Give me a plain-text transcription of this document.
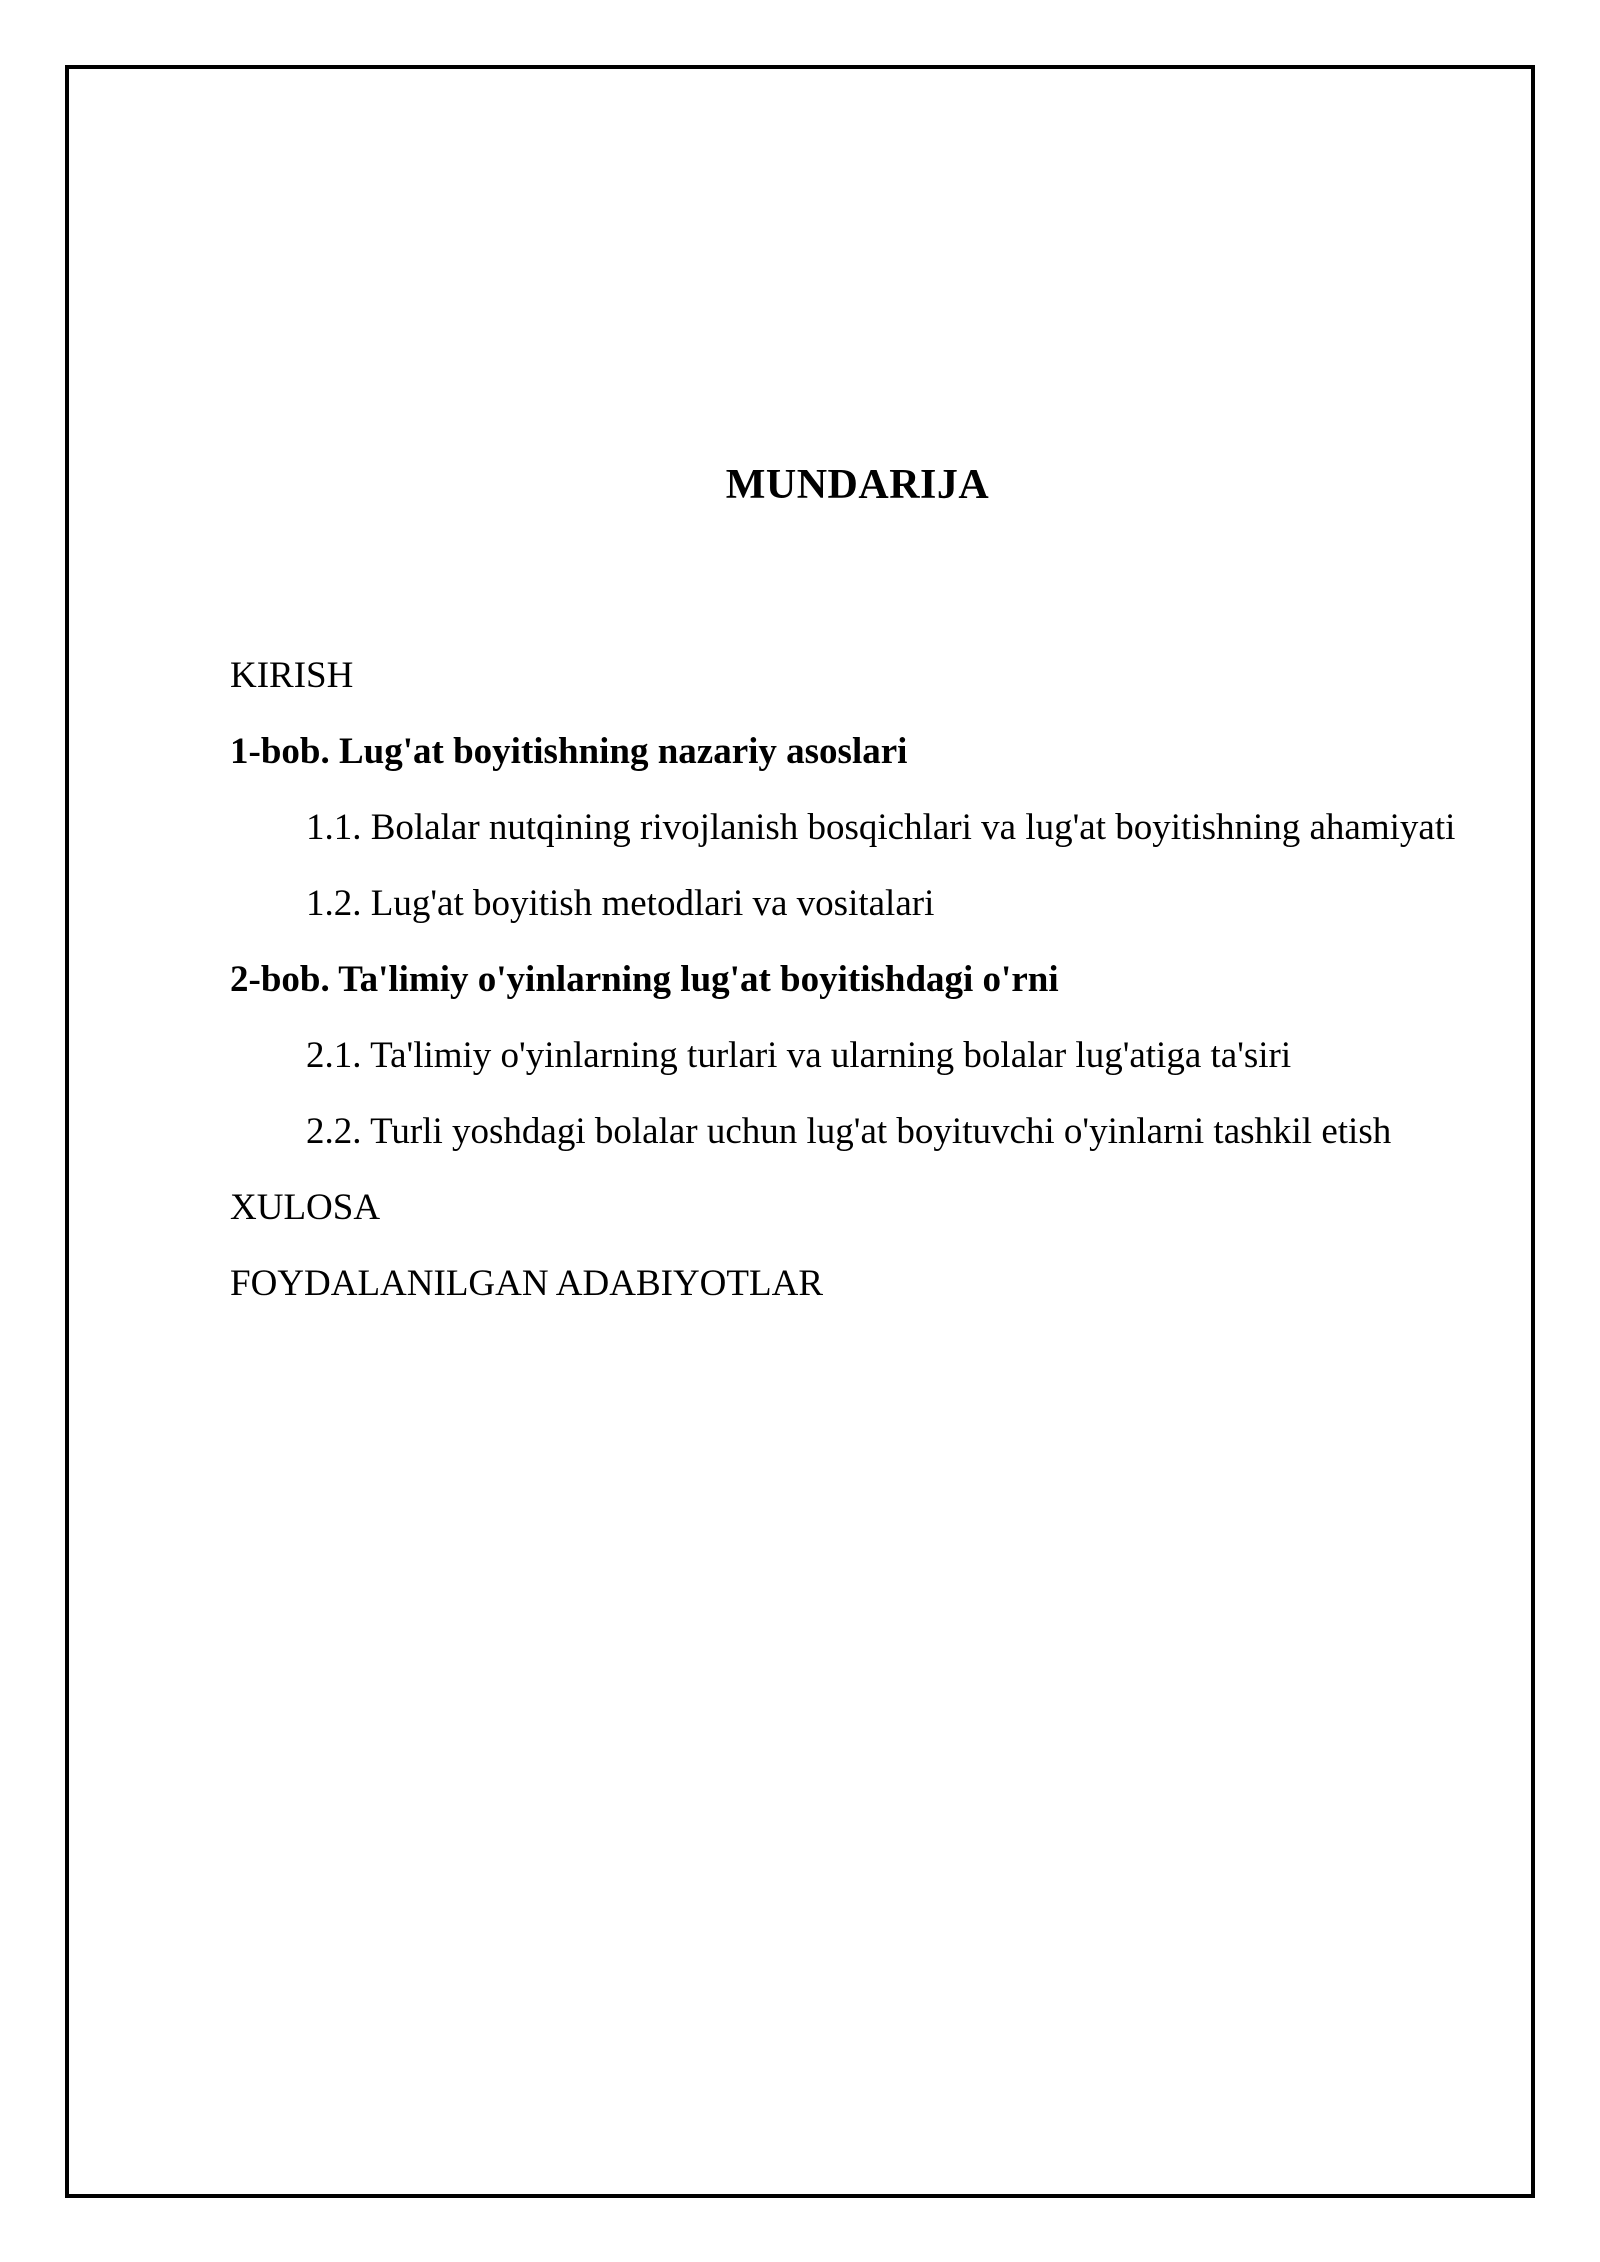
MUNDARIJA
KIRISH
1-bob. Lug'at boyitishning nazariy asoslari
1.1. Bolalar nutqining rivojlanish bosqichlari va lug'at boyitishning ahamiyati
1.2. Lug'at boyitish metodlari va vositalari
2-bob. Ta'limiy o'yinlarning lug'at boyitishdagi o'rni
2.1. Ta'limiy o'yinlarning turlari va ularning bolalar lug'atiga ta'siri
2.2. Turli yoshdagi bolalar uchun lug'at boyituvchi o'yinlarni tashkil etish
XULOSA
FOYDALANILGAN ADABIYOTLAR
